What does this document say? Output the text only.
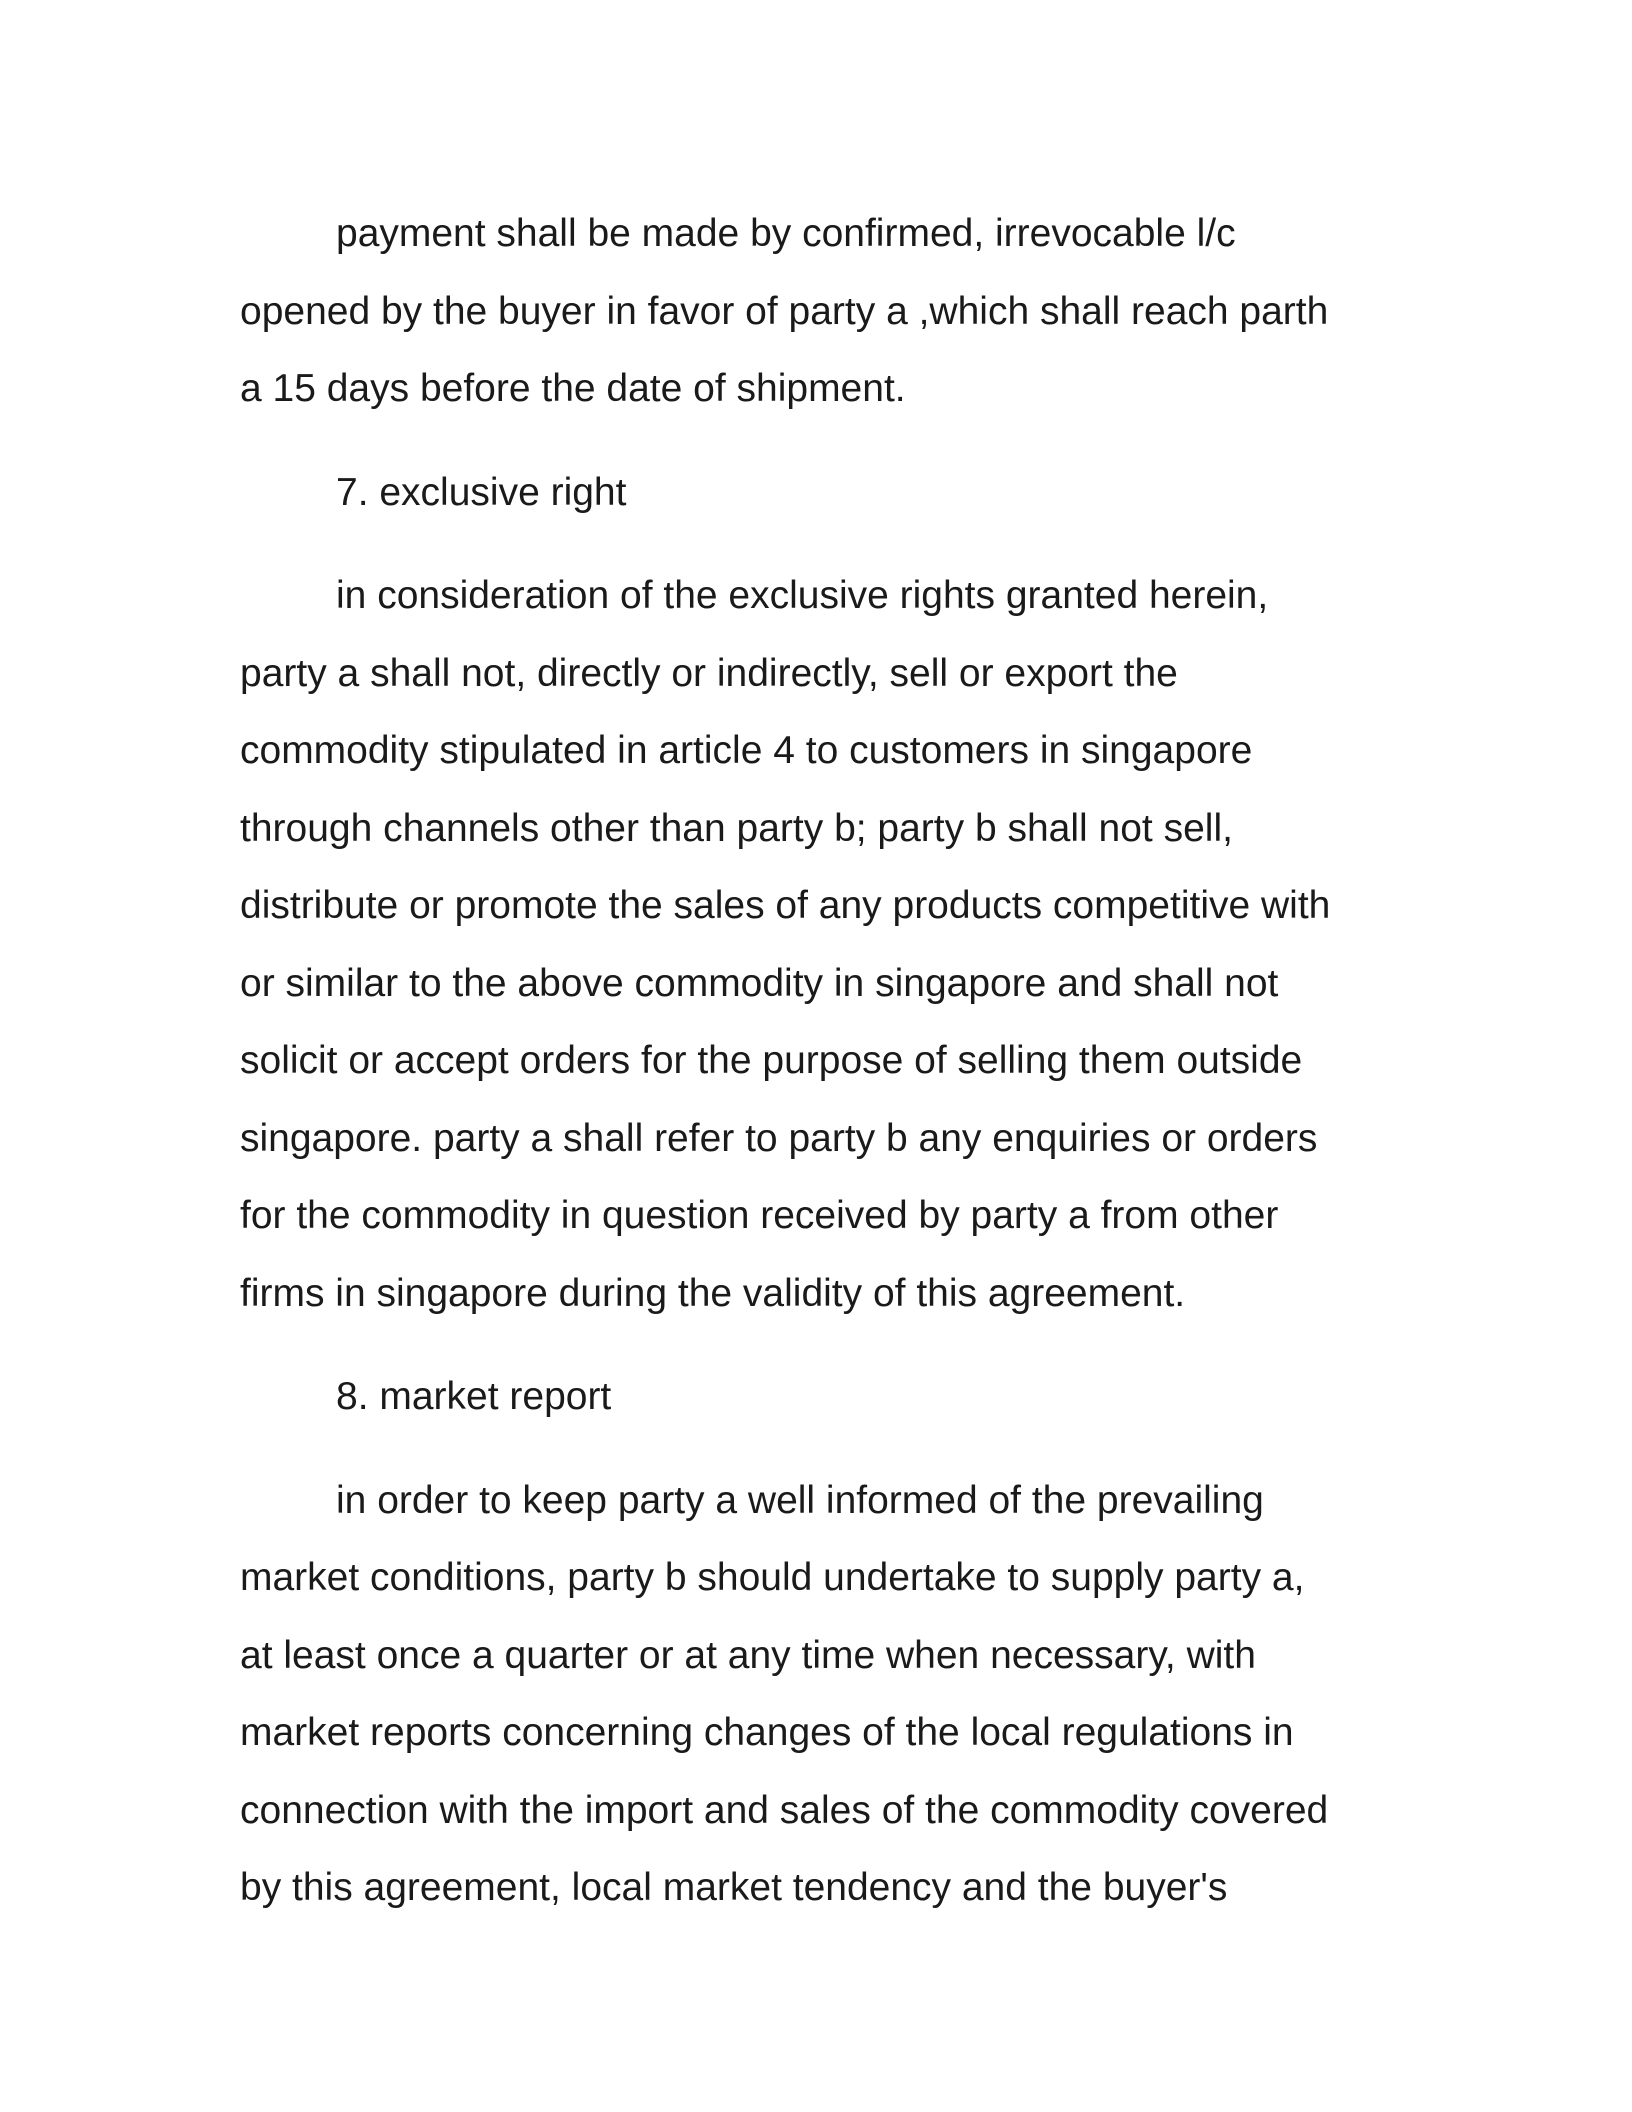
payment shall be made by confirmed, irrevocable l/c
opened by the buyer in favor of party a ,which shall reach parth
a 15 days before the date of shipment.

7. exclusive right

in consideration of the exclusive rights granted herein,
party a shall not, directly or indirectly, sell or export the
commodity stipulated in article 4 to customers in singapore
through channels other than party b; party b shall not sell,
distribute or promote the sales of any products competitive with
or similar to the above commodity in singapore and shall not
solicit or accept orders for the purpose of selling them outside
singapore. party a shall refer to party b any enquiries or orders
for the commodity in question received by party a from other
firms in singapore during the validity of this agreement.

8. market report

in order to keep party a well informed of the prevailing
market conditions, party b should undertake to supply party a,
at least once a quarter or at any time when necessary, with
market reports concerning changes of the local regulations in
connection with the import and sales of the commodity covered
by this agreement, local market tendency and the buyer's
